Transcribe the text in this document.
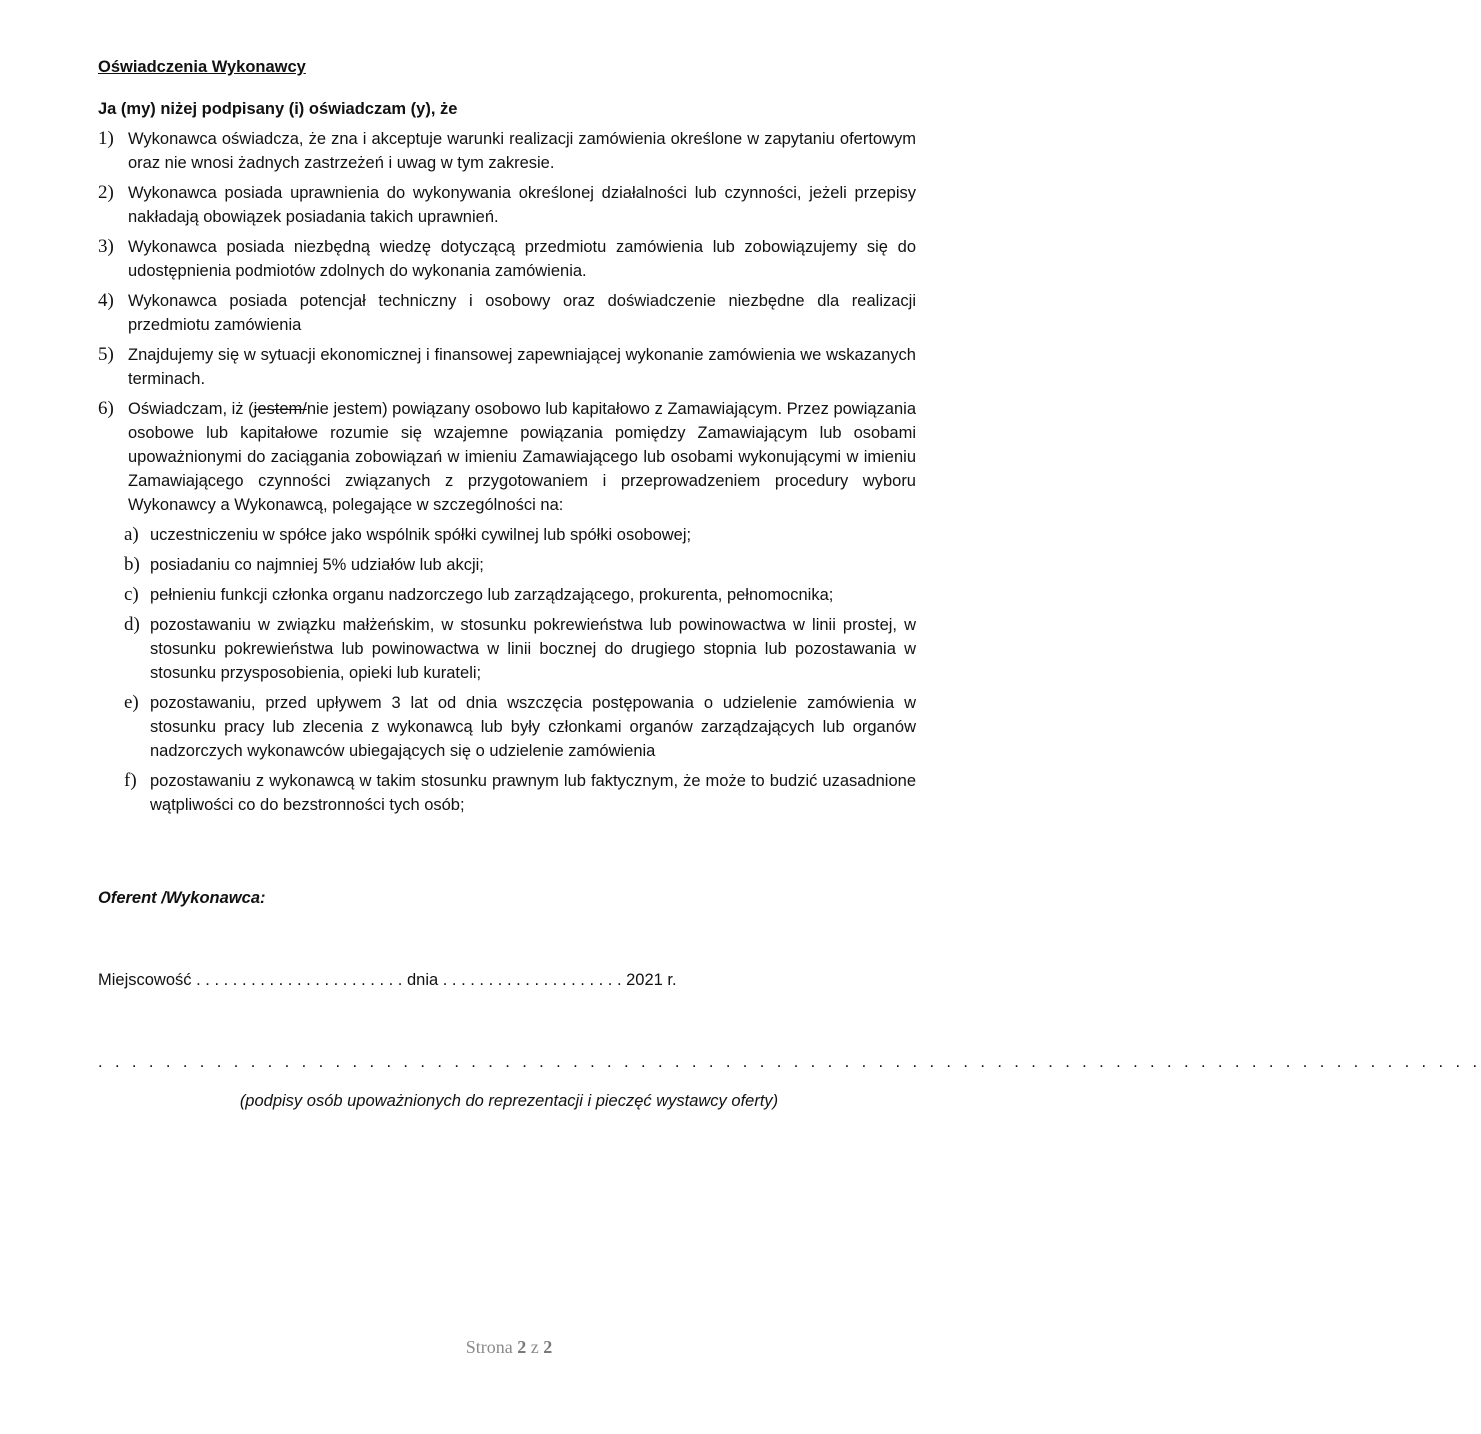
Oświadczenia Wykonawcy
Ja (my) niżej podpisany (i) oświadczam (y), że
1) Wykonawca oświadcza, że zna i akceptuje warunki realizacji zamówienia określone w zapytaniu ofertowym oraz nie wnosi żadnych zastrzeżeń i uwag w tym zakresie.
2) Wykonawca posiada uprawnienia do wykonywania określonej działalności lub czynności, jeżeli przepisy nakładają obowiązek posiadania takich uprawnień.
3) Wykonawca posiada niezbędną wiedzę dotyczącą przedmiotu zamówienia lub zobowiązujemy się do udostępnienia podmiotów zdolnych do wykonania zamówienia.
4) Wykonawca posiada potencjał techniczny i osobowy oraz doświadczenie niezbędne dla realizacji przedmiotu zamówienia
5) Znajdujemy się w sytuacji ekonomicznej i finansowej zapewniającej wykonanie zamówienia we wskazanych terminach.
6) Oświadczam, iż (jestem/nie jestem) powiązany osobowo lub kapitałowo z Zamawiającym. Przez powiązania osobowe lub kapitałowe rozumie się wzajemne powiązania pomiędzy Zamawiającym lub osobami upoważnionymi do zaciągania zobowiązań w imieniu Zamawiającego lub osobami wykonującymi w imieniu Zamawiającego czynności związanych z przygotowaniem i przeprowadzeniem procedury wyboru Wykonawcy a Wykonawcą, polegające w szczególności na:
a) uczestniczeniu w spółce jako wspólnik spółki cywilnej lub spółki osobowej;
b) posiadaniu co najmniej 5% udziałów lub akcji;
c) pełnieniu funkcji członka organu nadzorczego lub zarządzającego, prokurenta, pełnomocnika;
d) pozostawaniu w związku małżeńskim, w stosunku pokrewieństwa lub powinowactwa w linii prostej, w stosunku pokrewieństwa lub powinowactwa w linii bocznej do drugiego stopnia lub pozostawania w stosunku przysposobienia, opieki lub kurateli;
e) pozostawaniu, przed upływem 3 lat od dnia wszczęcia postępowania o udzielenie zamówienia w stosunku pracy lub zlecenia z wykonawcą lub były członkami organów zarządzających lub organów nadzorczych wykonawców ubiegających się o udzielenie zamówienia
f) pozostawaniu z wykonawcą w takim stosunku prawnym lub faktycznym, że może to budzić uzasadnione wątpliwości co do bezstronności tych osób;
Oferent /Wykonawca:
Miejscowość . . . . . . . . . . . . . . . . . . . . . . . dnia . . . . . . . . . . . . . . . . . . . . 2021 r.
. . . . . . . . . . . . . . . . . . . . . . . . . . . . . . . . . . . . . . . . . . . . . . . . . . . . . . . . . . . . . . . . . . . . . . . . . . . . . . . . . .
(podpisy osób upoważnionych do reprezentacji i pieczęć wystawcy oferty)
Strona 2 z 2
